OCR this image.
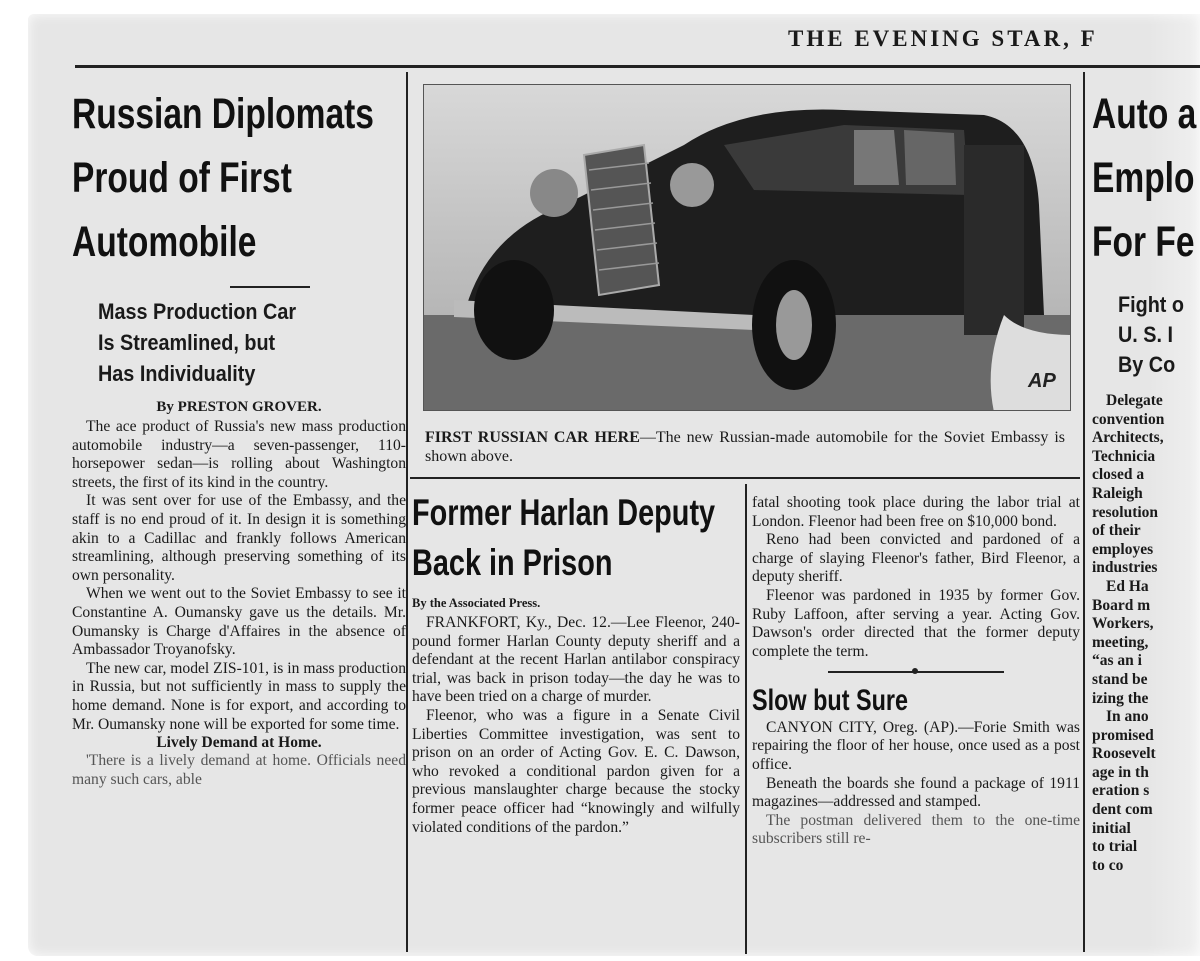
THE EVENING STAR, F
Russian Diplomats
Proud of First
Automobile
Mass Production Car
Is Streamlined, but
Has Individuality
By PRESTON GROVER.

The ace product of Russia's new mass production automobile industry—a seven-passenger, 110-horsepower sedan—is rolling about Washington streets, the first of its kind in the country.

It was sent over for use of the Embassy, and the staff is no end proud of it. In design it is something akin to a Cadillac and frankly follows American streamlining, although preserving something of its own personality.

When we went out to the Soviet Embassy to see it Constantine A. Oumansky gave us the details. Mr. Oumansky is Charge d'Affaires in the absence of Ambassador Troyanofsky.

The new car, model ZIS-101, is in mass production in Russia, but not sufficiently in mass to supply the home demand. None is for export, and according to Mr. Oumansky none will be exported for some time.

Lively Demand at Home.

'There is a lively demand at home. Officials need many such cars, able

AP
FIRST RUSSIAN CAR HERE—The new Russian-made automobile for the Soviet Embassy is shown above.
Former Harlan Deputy
Back in Prison
By the Associated Press.

FRANKFORT, Ky., Dec. 12.—Lee Fleenor, 240-pound former Harlan County deputy sheriff and a defendant at the recent Harlan antilabor conspiracy trial, was back in prison today—the day he was to have been tried on a charge of murder.

Fleenor, who was a figure in a Senate Civil Liberties Committee investigation, was sent to prison on an order of Acting Gov. E. C. Dawson, who revoked a conditional pardon given for a previous manslaughter charge because the stocky former peace officer had “knowingly and wilfully violated conditions of the pardon.”

fatal shooting took place during the labor trial at London. Fleenor had been free on $10,000 bond.

Reno had been convicted and pardoned of a charge of slaying Fleenor's father, Bird Fleenor, a deputy sheriff.

Fleenor was pardoned in 1935 by former Gov. Ruby Laffoon, after serving a year. Acting Gov. Dawson's order directed that the former deputy complete the term.

Slow but Sure

CANYON CITY, Oreg. (AP).—Forie Smith was repairing the floor of her house, once used as a post office.

Beneath the boards she found a package of 1911 magazines—addressed and stamped.

The postman delivered them to the one-time subscribers still re-

Auto a
Emplo
For Fe
Fight o
U. S. I
By Co
Delegate
convention
Architects,
Technicia
closed a
Raleigh
resolution
of their
employes
industries
Ed Ha
Board m
Workers,
meeting,
“as an i
stand be
izing the
In ano
promised
Roosevelt
age in th
eration s
dent com
initial
to trial
to co
